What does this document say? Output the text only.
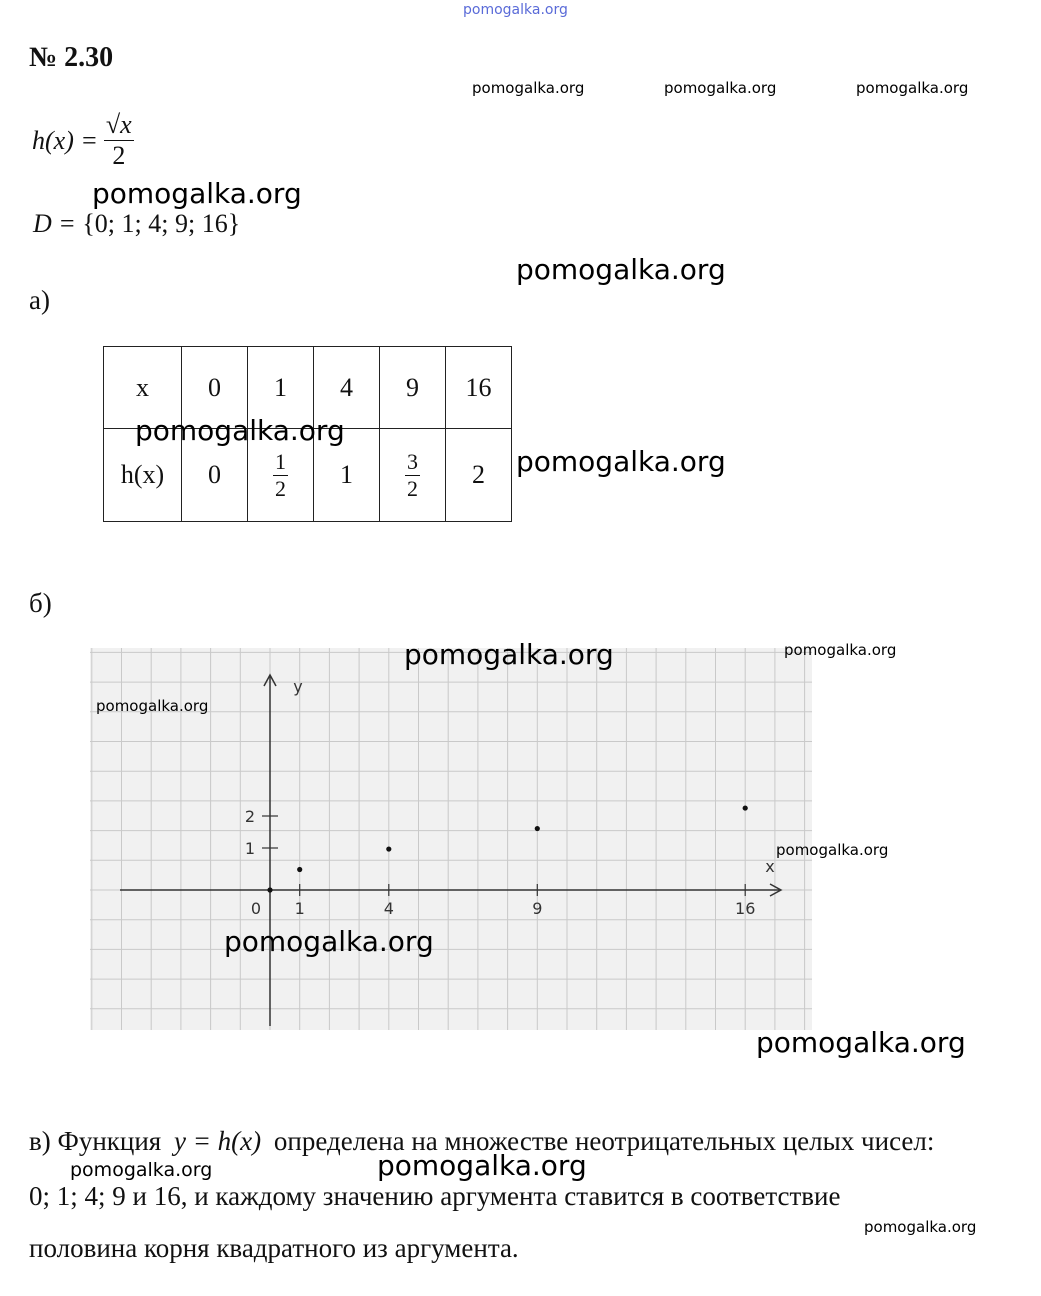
pomogalka.org
№ 2.30
pomogalka.org	pomogalka.org	pomogalka.org
$h(x) = \frac{√x}{2}$
pomogalka.org
D = {0; 1; 4; 9; 16}
pomogalka.org
а)
x	0	1	4	9	16
h(x)	0	$\frac{1}{2}$	1	$\frac{3}{2}$	2
pomogalka.org
pomogalka.org
б)
y
x
0 1	4	9	16
1
2
pomogalka.org	pomogalka.org
pomogalka.org
pomogalka.org
pomogalka.org
pomogalka.org
в) Функция y = h(x) определена на множестве неотрицательных целых чисел:
pomogalka.org	pomogalka.org
0; 1; 4; 9 и 16, и каждому значению аргумента ставится в соответствие
pomogalka.org
половина корня квадратного из аргумента.
